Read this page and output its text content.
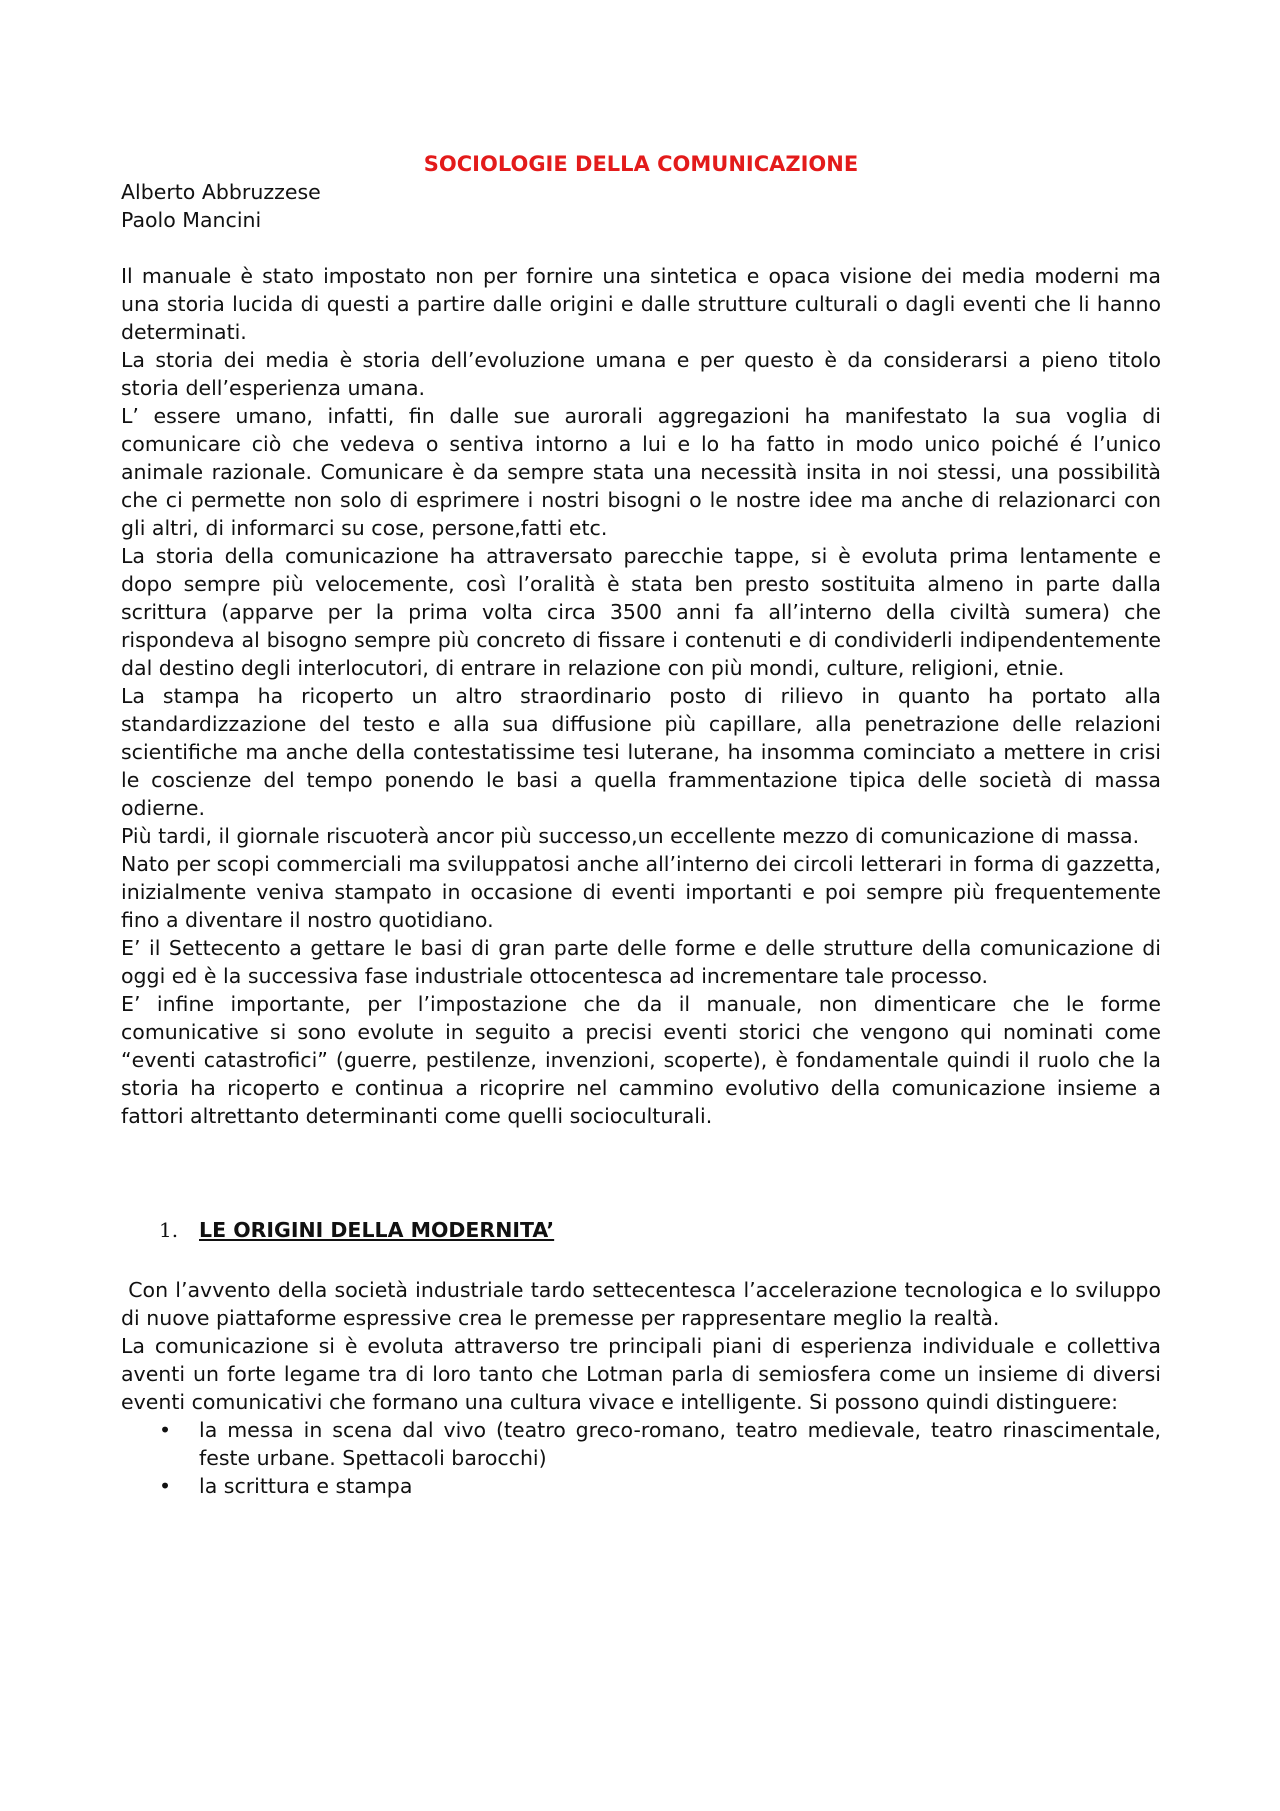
SOCIOLOGIE DELLA COMUNICAZIONE

Alberto Abbruzzese

Paolo Mancini

Il manuale è stato impostato non per fornire una sintetica e opaca visione dei media moderni ma una storia lucida di questi a partire dalle origini e dalle strutture culturali o dagli eventi che li hanno determinati.

La storia dei media è storia dell’evoluzione umana e per questo è da considerarsi a pieno titolo storia dell’esperienza umana.

L’ essere umano, infatti, fin dalle sue aurorali aggregazioni ha manifestato la sua voglia di comunicare ciò che vedeva o sentiva intorno a lui e lo ha fatto in modo unico poiché é l’unico animale razionale. Comunicare è da sempre stata una necessità insita in noi stessi, una possibilità che ci permette non solo di esprimere i nostri bisogni o le nostre idee ma anche di relazionarci con gli altri, di informarci su cose, persone,fatti etc.

La storia della comunicazione ha attraversato parecchie tappe, si è evoluta prima lentamente e dopo sempre più velocemente, così l’oralità è stata ben presto sostituita almeno in parte dalla scrittura (apparve per la prima volta circa 3500 anni fa all’interno della civiltà sumera) che rispondeva al bisogno sempre più concreto di fissare i contenuti e di condividerli indipendentemente dal destino degli interlocutori, di entrare in relazione con più mondi, culture, religioni, etnie.

La stampa ha ricoperto un altro straordinario posto di rilievo in quanto ha portato alla standardizzazione del testo e alla sua diffusione più capillare, alla penetrazione delle relazioni scientifiche ma anche della contestatissime tesi luterane, ha insomma cominciato a mettere in crisi le coscienze del tempo ponendo le basi a quella frammentazione tipica delle società di massa odierne.

Più tardi, il giornale riscuoterà ancor più successo,un eccellente mezzo di comunicazione di massa.

Nato per scopi commerciali ma sviluppatosi anche all’interno dei circoli letterari in forma di gazzetta, inizialmente veniva stampato in occasione di eventi importanti e poi sempre più frequentemente fino a diventare il nostro quotidiano.

E’ il Settecento a gettare le basi di gran parte delle forme e delle strutture della comunicazione di oggi ed è la successiva fase industriale ottocentesca ad incrementare tale processo.

E’ infine importante, per l’impostazione che da il manuale, non dimenticare che le forme comunicative si sono evolute in seguito a precisi eventi storici che vengono qui nominati come “eventi catastrofici” (guerre, pestilenze, invenzioni, scoperte), è fondamentale quindi il ruolo che la storia ha ricoperto e continua a ricoprire nel cammino evolutivo della comunicazione insieme a fattori altrettanto determinanti come quelli socioculturali.

1. LE ORIGINI DELLA MODERNITA’

Con l’avvento della società industriale tardo settecentesca l’accelerazione tecnologica e lo sviluppo di nuove piattaforme espressive crea le premesse per rappresentare meglio la realtà.

La comunicazione si è evoluta attraverso tre principali piani di esperienza individuale e collettiva aventi un forte legame tra di loro tanto che Lotman parla di semiosfera come un insieme di diversi eventi comunicativi che formano una cultura vivace e intelligente. Si possono quindi distinguere:

• la messa in scena dal vivo (teatro greco-romano, teatro medievale, teatro rinascimentale, feste urbane. Spettacoli barocchi)
• la scrittura e stampa
